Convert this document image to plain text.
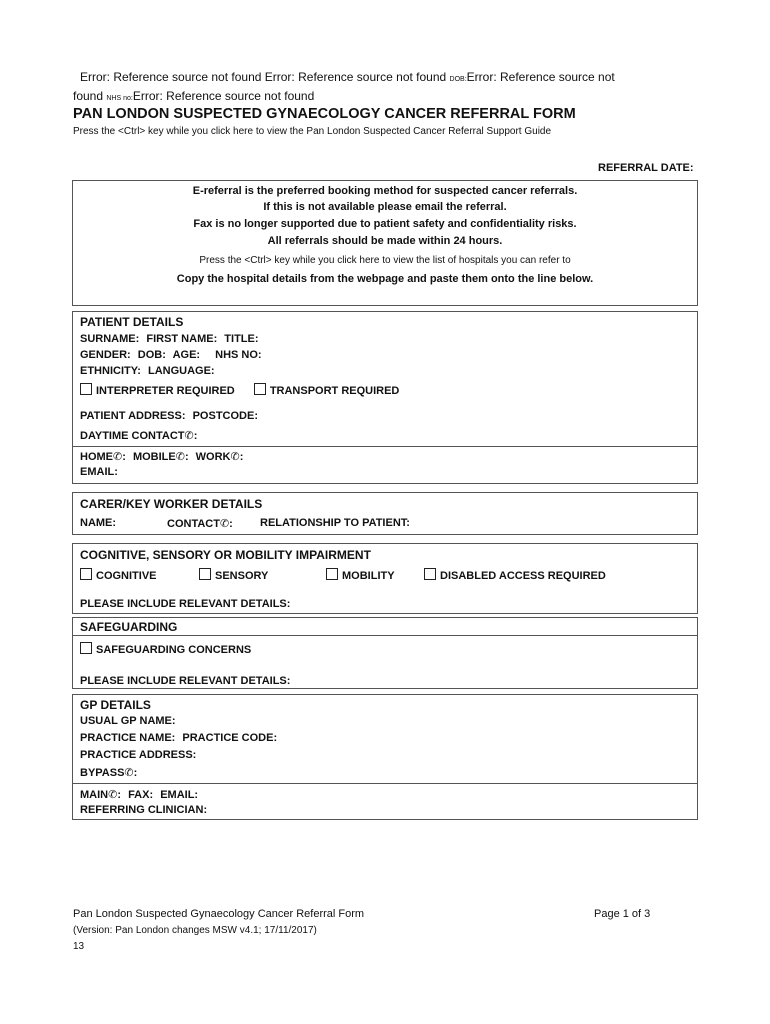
Error: Reference source not found Error: Reference source not found DOB:Error: Reference source not
found NHS no:Error: Reference source not found
PAN LONDON SUSPECTED GYNAECOLOGY CANCER REFERRAL FORM
Press the <Ctrl> key while you click here to view the Pan London Suspected Cancer Referral Support Guide
REFERRAL DATE:
E-referral is the preferred booking method for suspected cancer referrals.
If this is not available please email the referral.
Fax is no longer supported due to patient safety and confidentiality risks.
All referrals should be made within 24 hours.
Press the <Ctrl> key while you click here to view the list of hospitals you can refer to
Copy the hospital details from the webpage and paste them onto the line below.
PATIENT DETAILS
SURNAME: FIRST NAME: TITLE:
GENDER: DOB: AGE: NHS NO:
ETHNICITY: LANGUAGE:
INTERPRETER REQUIRED	TRANSPORT REQUIRED
PATIENT ADDRESS: POSTCODE:
DAYTIME CONTACT✆:
HOME✆: MOBILE✆: WORK✆:
EMAIL:
CARER/KEY WORKER DETAILS
NAME:	CONTACT✆: RELATIONSHIP TO PATIENT:
COGNITIVE, SENSORY OR MOBILITY IMPAIRMENT
COGNITIVE	SENSORY	MOBILITY	DISABLED ACCESS REQUIRED
PLEASE INCLUDE RELEVANT DETAILS:
SAFEGUARDING
SAFEGUARDING CONCERNS
PLEASE INCLUDE RELEVANT DETAILS:
GP DETAILS
USUAL GP NAME:
PRACTICE NAME: PRACTICE CODE:
PRACTICE ADDRESS:
BYPASS✆:
MAIN✆: FAX: EMAIL:
REFERRING CLINICIAN:
Pan London Suspected Gynaecology Cancer Referral Form	Page 1 of 3
(Version: Pan London changes MSW v4.1; 17/11/2017)
13
